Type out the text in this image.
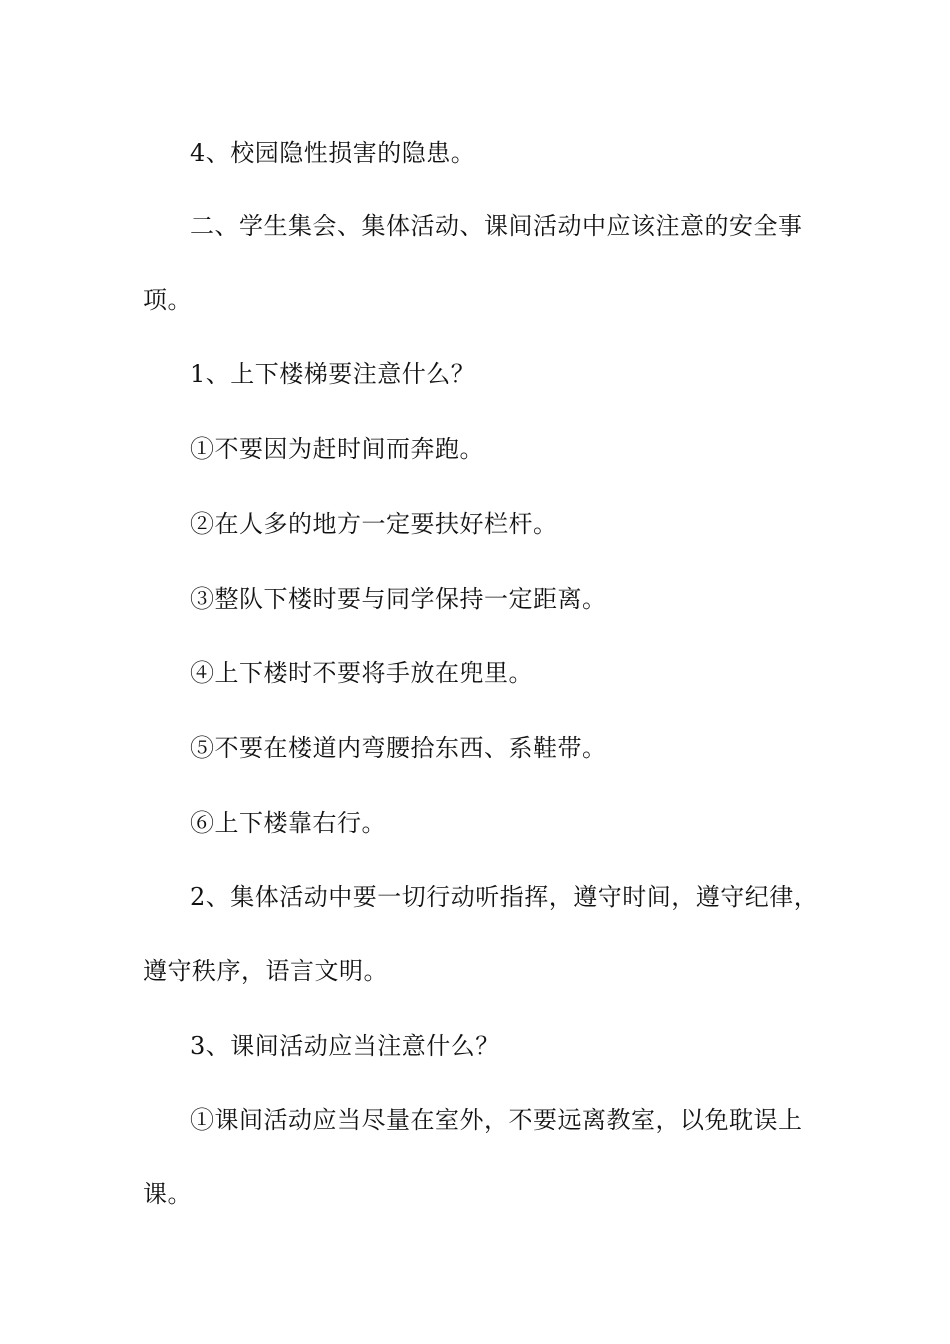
4、校园隐性损害的隐患。
二、学生集会、集体活动、课间活动中应该注意的安全事
项。
1、上下楼梯要注意什么？
①不要因为赶时间而奔跑。
②在人多的地方一定要扶好栏杆。
③整队下楼时要与同学保持一定距离。
④上下楼时不要将手放在兜里。
⑤不要在楼道内弯腰拾东西、系鞋带。
⑥上下楼靠右行。
2、集体活动中要一切行动听指挥，遵守时间，遵守纪律，
遵守秩序，语言文明。
3、课间活动应当注意什么？
①课间活动应当尽量在室外，不要远离教室，以免耽误上
课。
